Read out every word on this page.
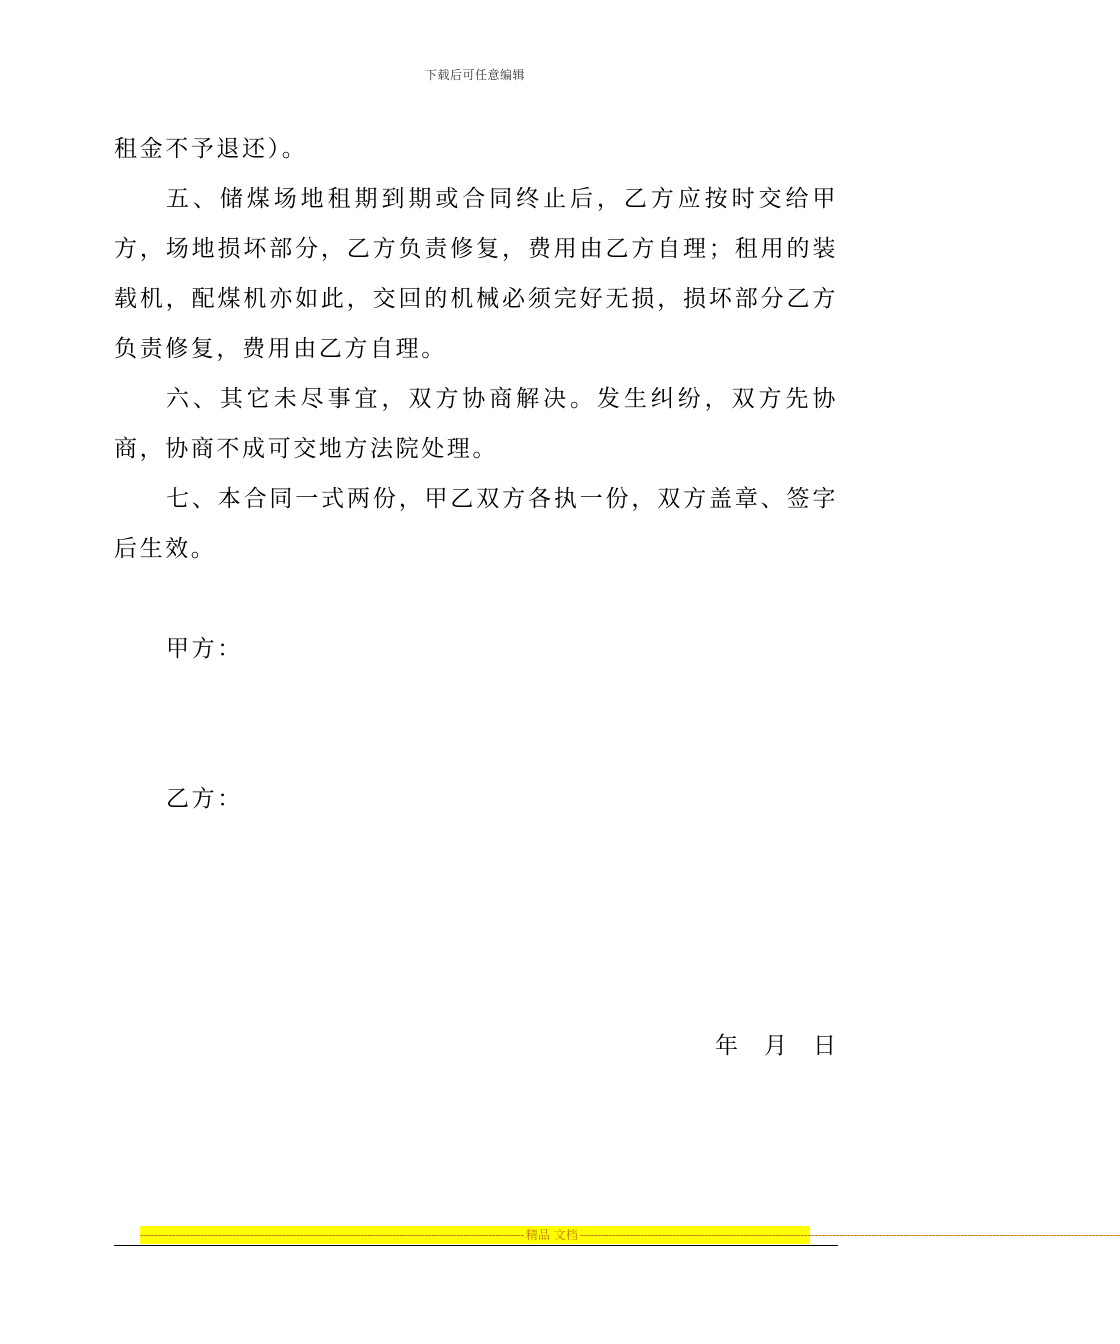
下载后可任意编辑

租金不予退还）。

五、储煤场地租期到期或合同终止后，乙方应按时交给甲方，场地损坏部分，乙方负责修复，费用由乙方自理；租用的装载机，配煤机亦如此，交回的机械必须完好无损，损坏部分乙方负责修复，费用由乙方自理。

六、其它未尽事宜，双方协商解决。发生纠纷，双方先协商，协商不成可交地方法院处理。

七、本合同一式两份，甲乙双方各执一份，双方盖章、签字后生效。

甲方：
乙方：
年 月 日
------------------------------------------------------------------------------------------------------------ 精品 文档 --------------------------------------------------------------------------------------------------------------------------------------------------------
